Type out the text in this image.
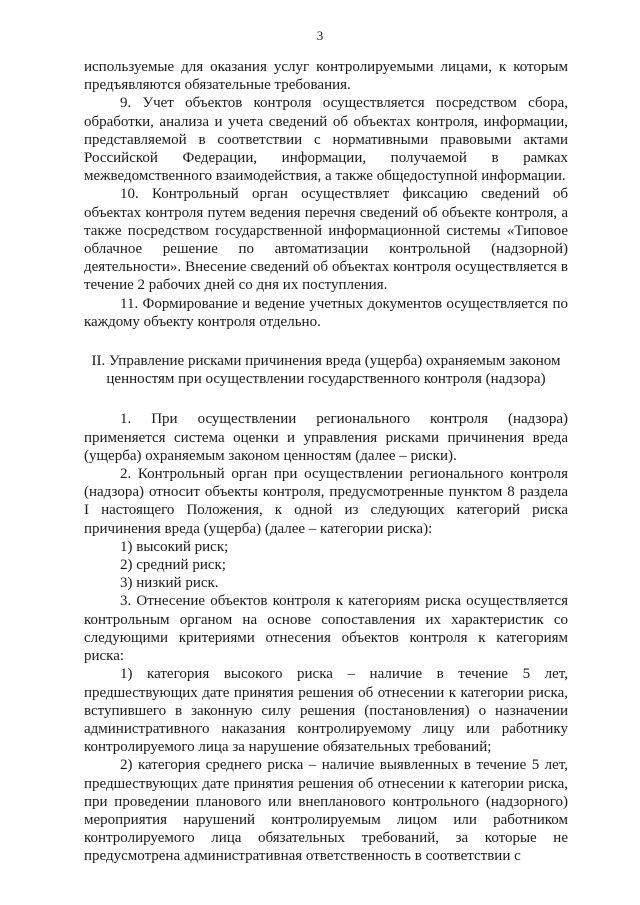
3

используемые для оказания услуг контролируемыми лицами, к которым предъявляются обязательные требования.

9. Учет объектов контроля осуществляется посредством сбора, обработки, анализа и учета сведений об объектах контроля, информации, представляемой в соответствии с нормативными правовыми актами Российской Федерации, информации, получаемой в рамках межведомственного взаимодействия, а также общедоступной информации.

10. Контрольный орган осуществляет фиксацию сведений об объектах контроля путем ведения перечня сведений об объекте контроля, а также посредством государственной информационной системы «Типовое облачное решение по автоматизации контрольной (надзорной) деятельности». Внесение сведений об объектах контроля осуществляется в течение 2 рабочих дней со дня их поступления.

11. Формирование и ведение учетных документов осуществляется по каждому объекту контроля отдельно.

II. Управление рисками причинения вреда (ущерба) охраняемым законом
ценностям при осуществлении государственного контроля (надзора)

1. При осуществлении регионального контроля (надзора) применяется система оценки и управления рисками причинения вреда (ущерба) охраняемым законом ценностям (далее – риски).

2. Контрольный орган при осуществлении регионального контроля (надзора) относит объекты контроля, предусмотренные пунктом 8 раздела I настоящего Положения, к одной из следующих категорий риска причинения вреда (ущерба) (далее – категории риска):

1) высокий риск;

2) средний риск;

3) низкий риск.

3. Отнесение объектов контроля к категориям риска осуществляется контрольным органом на основе сопоставления их характеристик со следующими критериями отнесения объектов контроля к категориям риска:

1) категория высокого риска – наличие в течение 5 лет, предшествующих дате принятия решения об отнесении к категории риска, вступившего в законную силу решения (постановления) о назначении административного наказания контролируемому лицу или работнику контролируемого лица за нарушение обязательных требований;

2) категория среднего риска – наличие выявленных в течение 5 лет, предшествующих дате принятия решения об отнесении к категории риска, при проведении планового или внепланового контрольного (надзорного) мероприятия нарушений контролируемым лицом или работником контролируемого лица обязательных требований, за которые не предусмотрена административная ответственность в соответствии с
